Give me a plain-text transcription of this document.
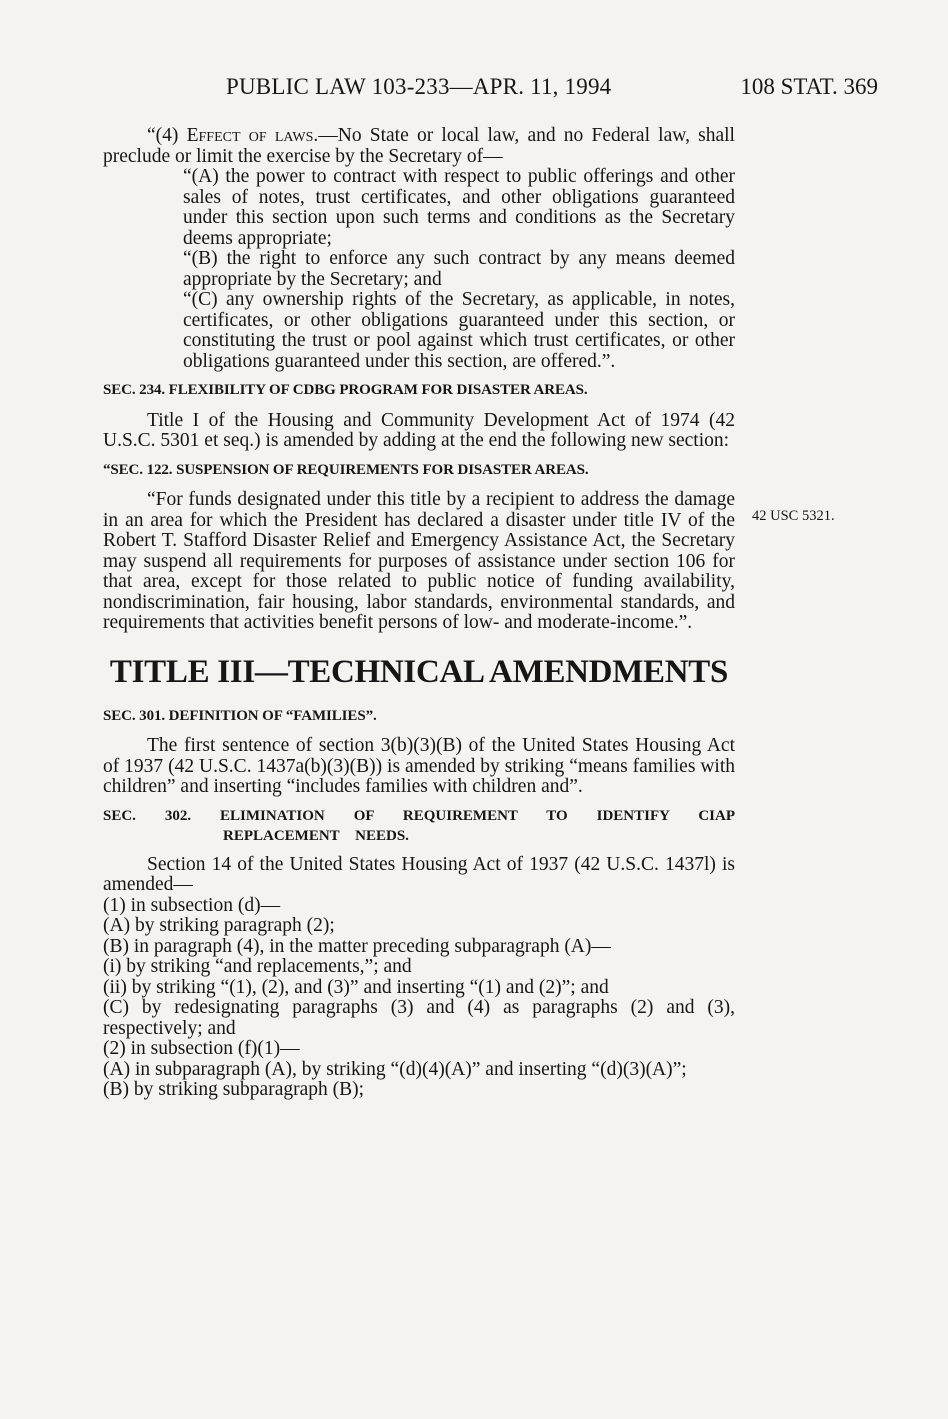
PUBLIC LAW 103-233—APR. 11, 1994	108 STAT. 369
42 USC 5321.

“(4) Effect of laws.—No State or local law, and no Federal law, shall preclude or limit the exercise by the Secretary of—

“(A) the power to contract with respect to public offerings and other sales of notes, trust certificates, and other obligations guaranteed under this section upon such terms and conditions as the Secretary deems appropriate;

“(B) the right to enforce any such contract by any means deemed appropriate by the Secretary; and

“(C) any ownership rights of the Secretary, as applicable, in notes, certificates, or other obligations guaranteed under this section, or constituting the trust or pool against which trust certificates, or other obligations guaranteed under this section, are offered.”.

SEC. 234. FLEXIBILITY OF CDBG PROGRAM FOR DISASTER AREAS.

Title I of the Housing and Community Development Act of 1974 (42 U.S.C. 5301 et seq.) is amended by adding at the end the following new section:

“SEC. 122. SUSPENSION OF REQUIREMENTS FOR DISASTER AREAS.

“For funds designated under this title by a recipient to address the damage in an area for which the President has declared a disaster under title IV of the Robert T. Stafford Disaster Relief and Emergency Assistance Act, the Secretary may suspend all requirements for purposes of assistance under section 106 for that area, except for those related to public notice of funding availability, nondiscrimination, fair housing, labor standards, environmental standards, and requirements that activities benefit persons of low- and moderate-income.”.

TITLE III—TECHNICAL AMENDMENTS

SEC. 301. DEFINITION OF “FAMILIES”.

The first sentence of section 3(b)(3)(B) of the United States Housing Act of 1937 (42 U.S.C. 1437a(b)(3)(B)) is amended by striking “means families with children” and inserting “includes families with children and”.

SEC. 302. ELIMINATION OF REQUIREMENT TO IDENTIFY CIAP REPLACEMENT NEEDS.

Section 14 of the United States Housing Act of 1937 (42 U.S.C. 1437l) is amended—

(1) in subsection (d)—

(A) by striking paragraph (2);

(B) in paragraph (4), in the matter preceding subparagraph (A)—

(i) by striking “and replacements,”; and

(ii) by striking “(1), (2), and (3)” and inserting “(1) and (2)”; and

(C) by redesignating paragraphs (3) and (4) as paragraphs (2) and (3), respectively; and

(2) in subsection (f)(1)—

(A) in subparagraph (A), by striking “(d)(4)(A)” and inserting “(d)(3)(A)”;

(B) by striking subparagraph (B);
